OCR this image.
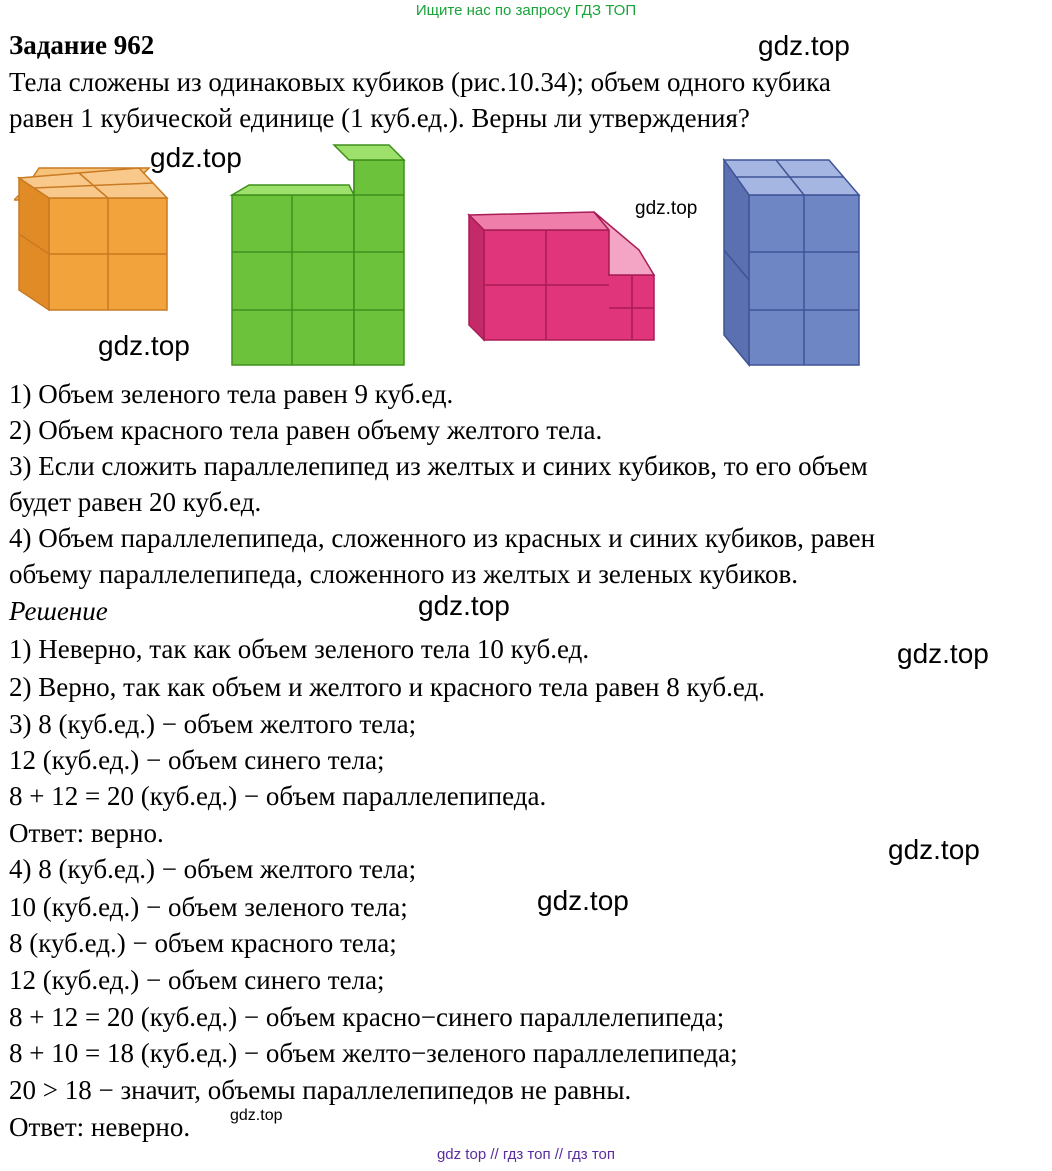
Ищите нас по запросу ГДЗ ТОП
Задание 962
Тела сложены из одинаковых кубиков (рис.10.34); объем одного кубика
равен 1 кубической единице (1 куб.ед.). Верны ли утверждения?
1) Объем зеленого тела равен 9 куб.ед.
2) Объем красного тела равен объему желтого тела.
3) Если сложить параллелепипед из желтых и синих кубиков, то его объем
будет равен 20 куб.ед.
4) Объем параллелепипеда, сложенного из красных и синих кубиков, равен
объему параллелепипеда, сложенного из желтых и зеленых кубиков.
Решение
1) Неверно, так как объем зеленого тела 10 куб.ед.
2) Верно, так как объем и желтого и красного тела равен 8 куб.ед.
3) 8 (куб.ед.) − объем желтого тела;
12 (куб.ед.) − объем синего тела;
8 + 12 = 20 (куб.ед.) − объем параллелепипеда.
Ответ: верно.
4) 8 (куб.ед.) − объем желтого тела;
10 (куб.ед.) − объем зеленого тела;
8 (куб.ед.) − объем красного тела;
12 (куб.ед.) − объем синего тела;
8 + 12 = 20 (куб.ед.) − объем красно−синего параллелепипеда;
8 + 10 = 18 (куб.ед.) − объем желто−зеленого параллелепипеда;
20 > 18 − значит, объемы параллелепипедов не равны.
Ответ: неверно.
gdz.top
gdz.top
gdz.top
gdz.top
gdz.top
gdz.top
gdz.top
gdz.top
gdz.top
gdz top // гдз топ // гдз топ
